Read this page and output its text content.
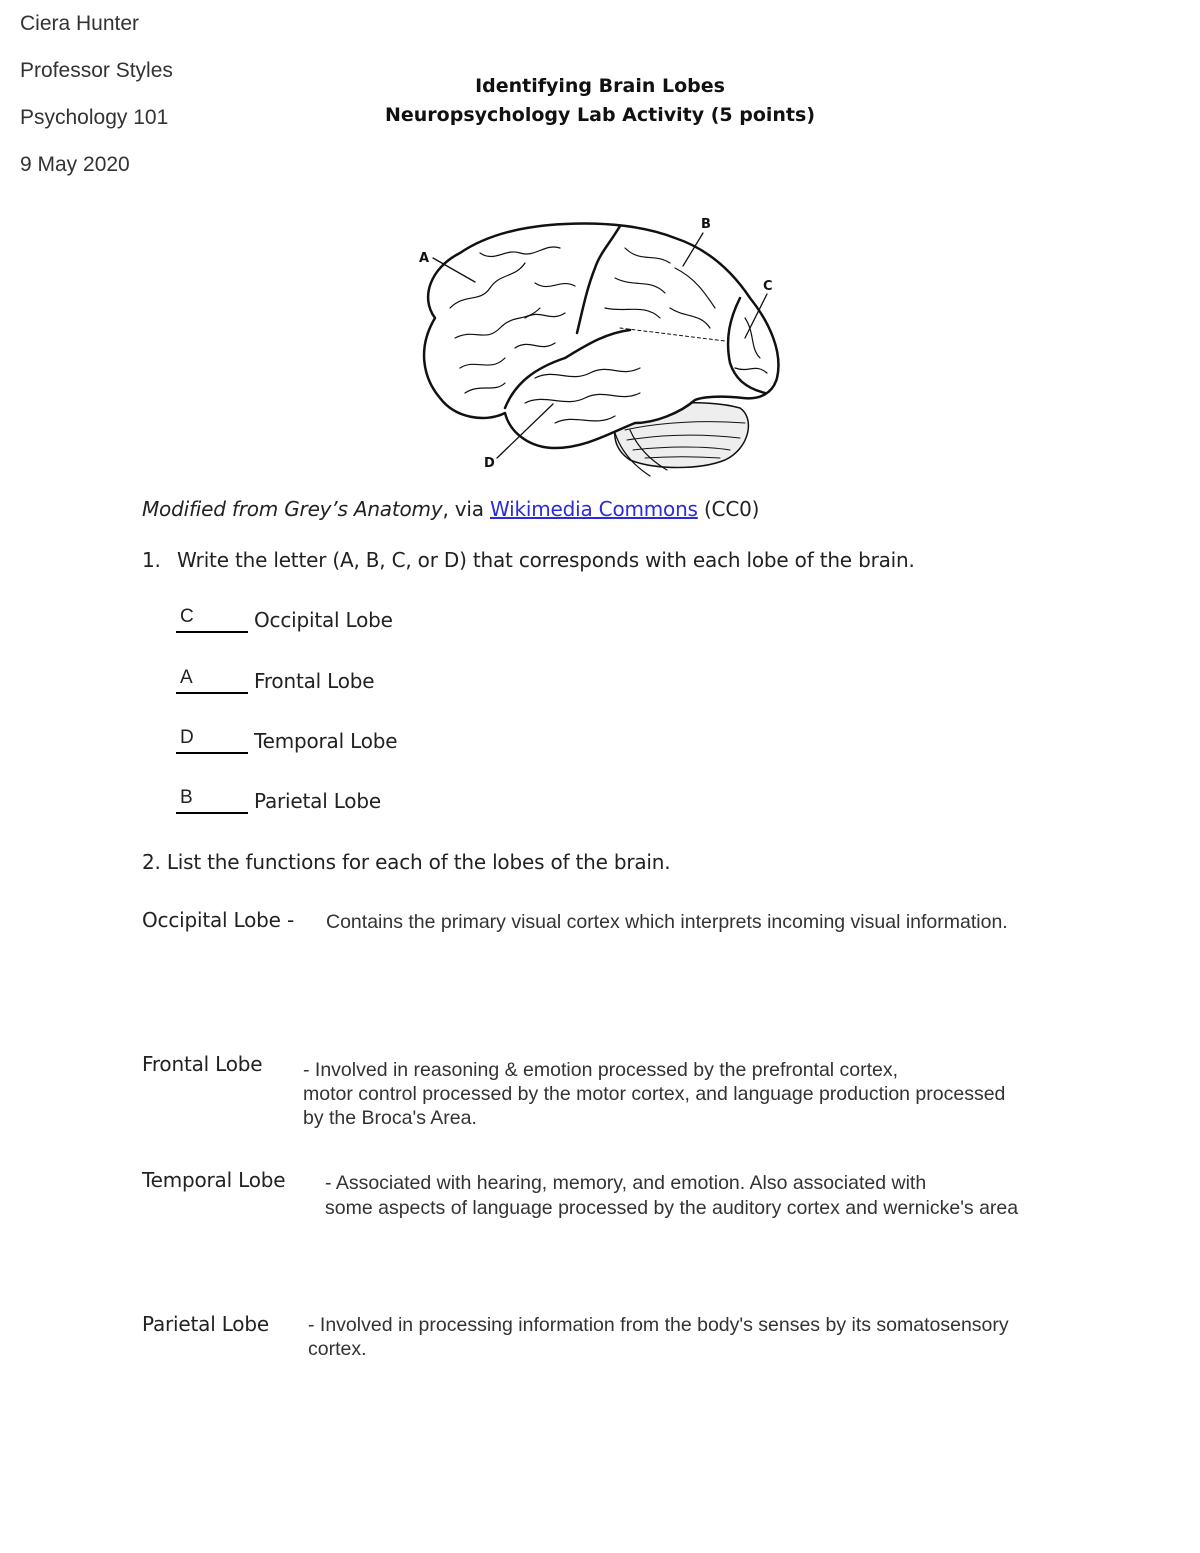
Ciera Hunter
Professor Styles
Psychology 101
9 May 2020
Identifying Brain Lobes
Neuropsychology Lab Activity (5 points)
A
B
C
D
Modified from Grey’s Anatomy, via Wikimedia Commons (CC0)
1. Write the letter (A, B, C, or D) that corresponds with each lobe of the brain.
C	Occipital Lobe
A	Frontal Lobe
D	Temporal Lobe
B	Parietal Lobe
2. List the functions for each of the lobes of the brain.
Occipital Lobe - Contains the primary visual cortex which interprets incoming visual information.
Frontal Lobe - Involved in reasoning & emotion processed by the prefrontal cortex,
motor control processed by the motor cortex, and language production processed
by the Broca's Area.
Temporal Lobe - Associated with hearing, memory, and emotion. Also associated with
some aspects of language processed by the auditory cortex and wernicke's area
Parietal Lobe - Involved in processing information from the body's senses by its somatosensory
cortex.
